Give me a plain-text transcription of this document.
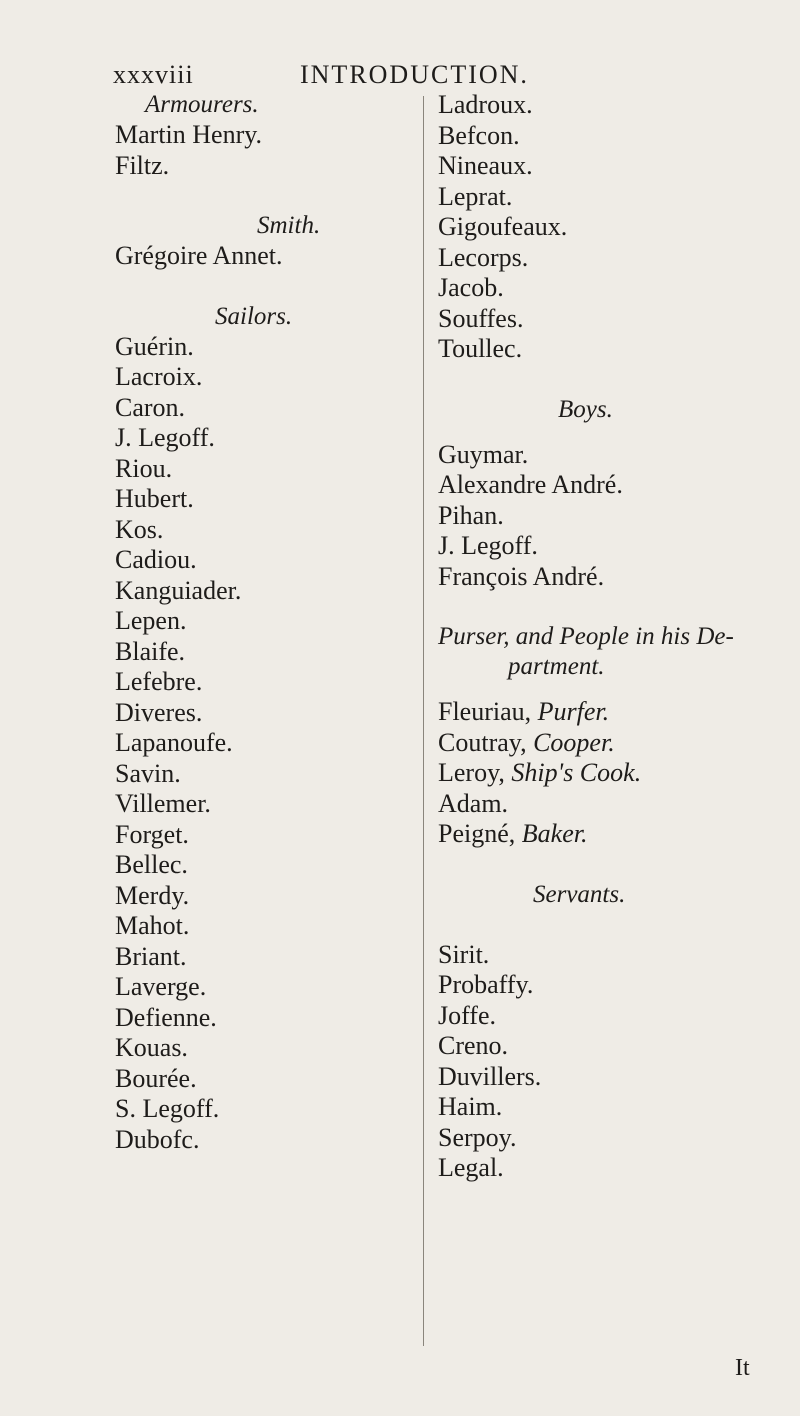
xxxviii	INTRODUCTION.
Armourers.
Martin Henry.
Filtz.
Smith.
Grégoire Annet.
Sailors.
Guérin.
Lacroix.
Caron.
J. Legoff.
Riou.
Hubert.
Kos.
Cadiou.
Kanguiader.
Lepen.
Blaife.
Lefebre.
Diveres.
Lapanoufe.
Savin.
Villemer.
Forget.
Bellec.
Merdy.
Mahot.
Briant.
Laverge.
Defienne.
Kouas.
Bourée.
S. Legoff.
Dubofc.
Ladroux.
Befcon.
Nineaux.
Leprat.
Gigoufeaux.
Lecorps.
Jacob.
Souffes.
Toullec.
Boys.
Guymar.
Alexandre André.
Pihan.
J. Legoff.
François André.
Purser, and People in his De-
partment.
Fleuriau, Purfer.
Coutray, Cooper.
Leroy, Ship's Cook.
Adam.
Peigné, Baker.
Servants.
Sirit.
Probaffy.
Joffe.
Creno.
Duvillers.
Haim.
Serpoy.
Legal.
It
